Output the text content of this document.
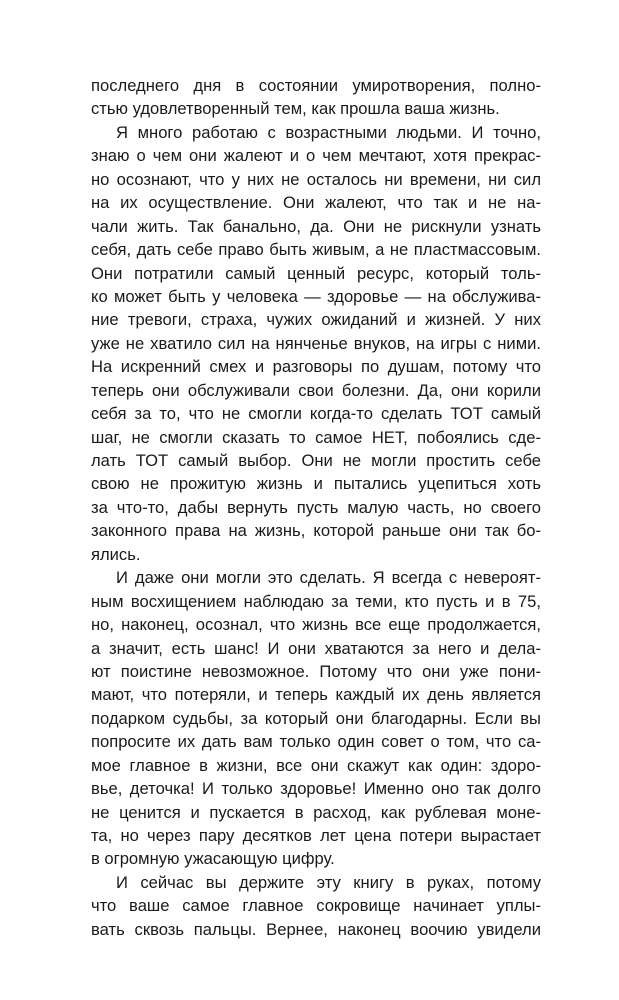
последнего дня в состоянии умиротворения, полно-
стью удовлетворенный тем, как прошла ваша жизнь.
Я много работаю с возрастными людьми. И точно,
знаю о чем они жалеют и о чем мечтают, хотя прекрас-
но осознают, что у них не осталось ни времени, ни сил
на их осуществление. Они жалеют, что так и не на-
чали жить. Так банально, да. Они не рискнули узнать
себя, дать себе право быть живым, а не пластмассовым.
Они потратили самый ценный ресурс, который толь-
ко может быть у человека — здоровье — на обслужива-
ние тревоги, страха, чужих ожиданий и жизней. У них
уже не хватило сил на нянченье внуков, на игры с ними.
На искренний смех и разговоры по душам, потому что
теперь они обслуживали свои болезни. Да, они корили
себя за то, что не смогли когда-то сделать ТОТ самый
шаг, не смогли сказать то самое НЕТ, побоялись сде-
лать ТОТ самый выбор. Они не могли простить себе
свою не прожитую жизнь и пытались уцепиться хоть
за что-то, дабы вернуть пусть малую часть, но своего
законного права на жизнь, которой раньше они так бо-
ялись.
И даже они могли это сделать. Я всегда с невероят-
ным восхищением наблюдаю за теми, кто пусть и в 75,
но, наконец, осознал, что жизнь все еще продолжается,
а значит, есть шанс! И они хватаются за него и дела-
ют поистине невозможное. Потому что они уже пони-
мают, что потеряли, и теперь каждый их день является
подарком судьбы, за который они благодарны. Если вы
попросите их дать вам только один совет о том, что са-
мое главное в жизни, все они скажут как один: здоро-
вье, деточка! И только здоровье! Именно оно так долго
не ценится и пускается в расход, как рублевая моне-
та, но через пару десятков лет цена потери вырастает
в огромную ужасающую цифру.
И сейчас вы держите эту книгу в руках, потому
что ваше самое главное сокровище начинает уплы-
вать сквозь пальцы. Вернее, наконец воочию увидели
